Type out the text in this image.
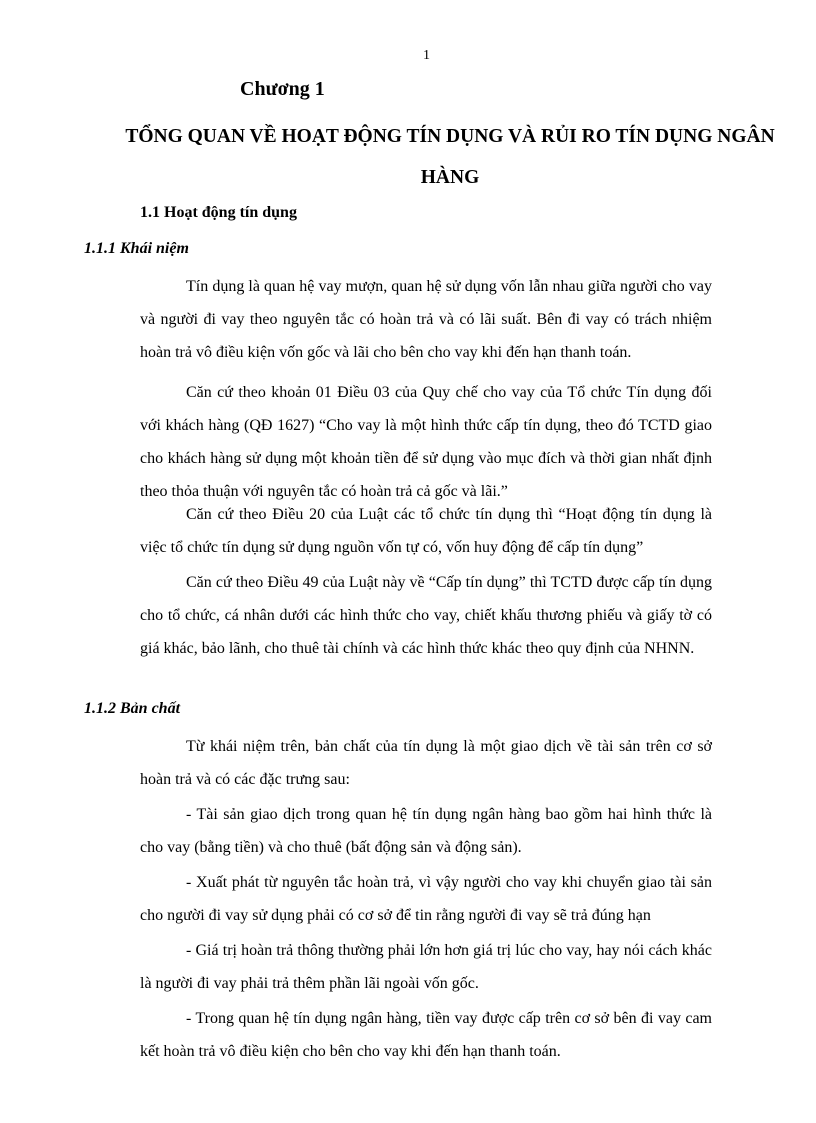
1
Chương 1
TỔNG QUAN VỀ HOẠT ĐỘNG TÍN DỤNG VÀ RỦI RO TÍN DỤNG NGÂN HÀNG
1.1 Hoạt động tín dụng
1.1.1 Khái niệm

Tín dụng là quan hệ vay mượn, quan hệ sử dụng vốn lẫn nhau giữa người cho vay và người đi vay theo nguyên tắc có hoàn trả và có lãi suất. Bên đi vay có trách nhiệm hoàn trả vô điều kiện vốn gốc và lãi cho bên cho vay khi đến hạn thanh toán.

Căn cứ theo khoản 01 Điều 03 của Quy chế cho vay của Tổ chức Tín dụng đối với khách hàng (QĐ 1627) “Cho vay là một hình thức cấp tín dụng, theo đó TCTD giao cho khách hàng sử dụng một khoản tiền để sử dụng vào mục đích và thời gian nhất định theo thỏa thuận với nguyên tắc có hoàn trả cả gốc và lãi.”

Căn cứ theo Điều 20 của Luật các tổ chức tín dụng thì “Hoạt động tín dụng là việc tổ chức tín dụng sử dụng nguồn vốn tự có, vốn huy động để cấp tín dụng”

Căn cứ theo Điều 49 của Luật này về “Cấp tín dụng” thì TCTD được cấp tín dụng cho tổ chức, cá nhân dưới các hình thức cho vay, chiết khấu thương phiếu và giấy tờ có giá khác, bảo lãnh, cho thuê tài chính và các hình thức khác theo quy định của NHNN.

1.1.2 Bản chất

Từ khái niệm trên, bản chất của tín dụng là một giao dịch về tài sản trên cơ sở hoàn trả và có các đặc trưng sau:

- Tài sản giao dịch trong quan hệ tín dụng ngân hàng bao gồm hai hình thức là cho vay (bằng tiền) và cho thuê (bất động sản và động sản).

- Xuất phát từ nguyên tắc hoàn trả, vì vậy người cho vay khi chuyển giao tài sản cho người đi vay sử dụng phải có cơ sở để tin rằng người đi vay sẽ trả đúng hạn

- Giá trị hoàn trả thông thường phải lớn hơn giá trị lúc cho vay, hay nói cách khác là người đi vay phải trả thêm phần lãi ngoài vốn gốc.

- Trong quan hệ tín dụng ngân hàng, tiền vay được cấp trên cơ sở bên đi vay cam kết hoàn trả vô điều kiện cho bên cho vay khi đến hạn thanh toán.
